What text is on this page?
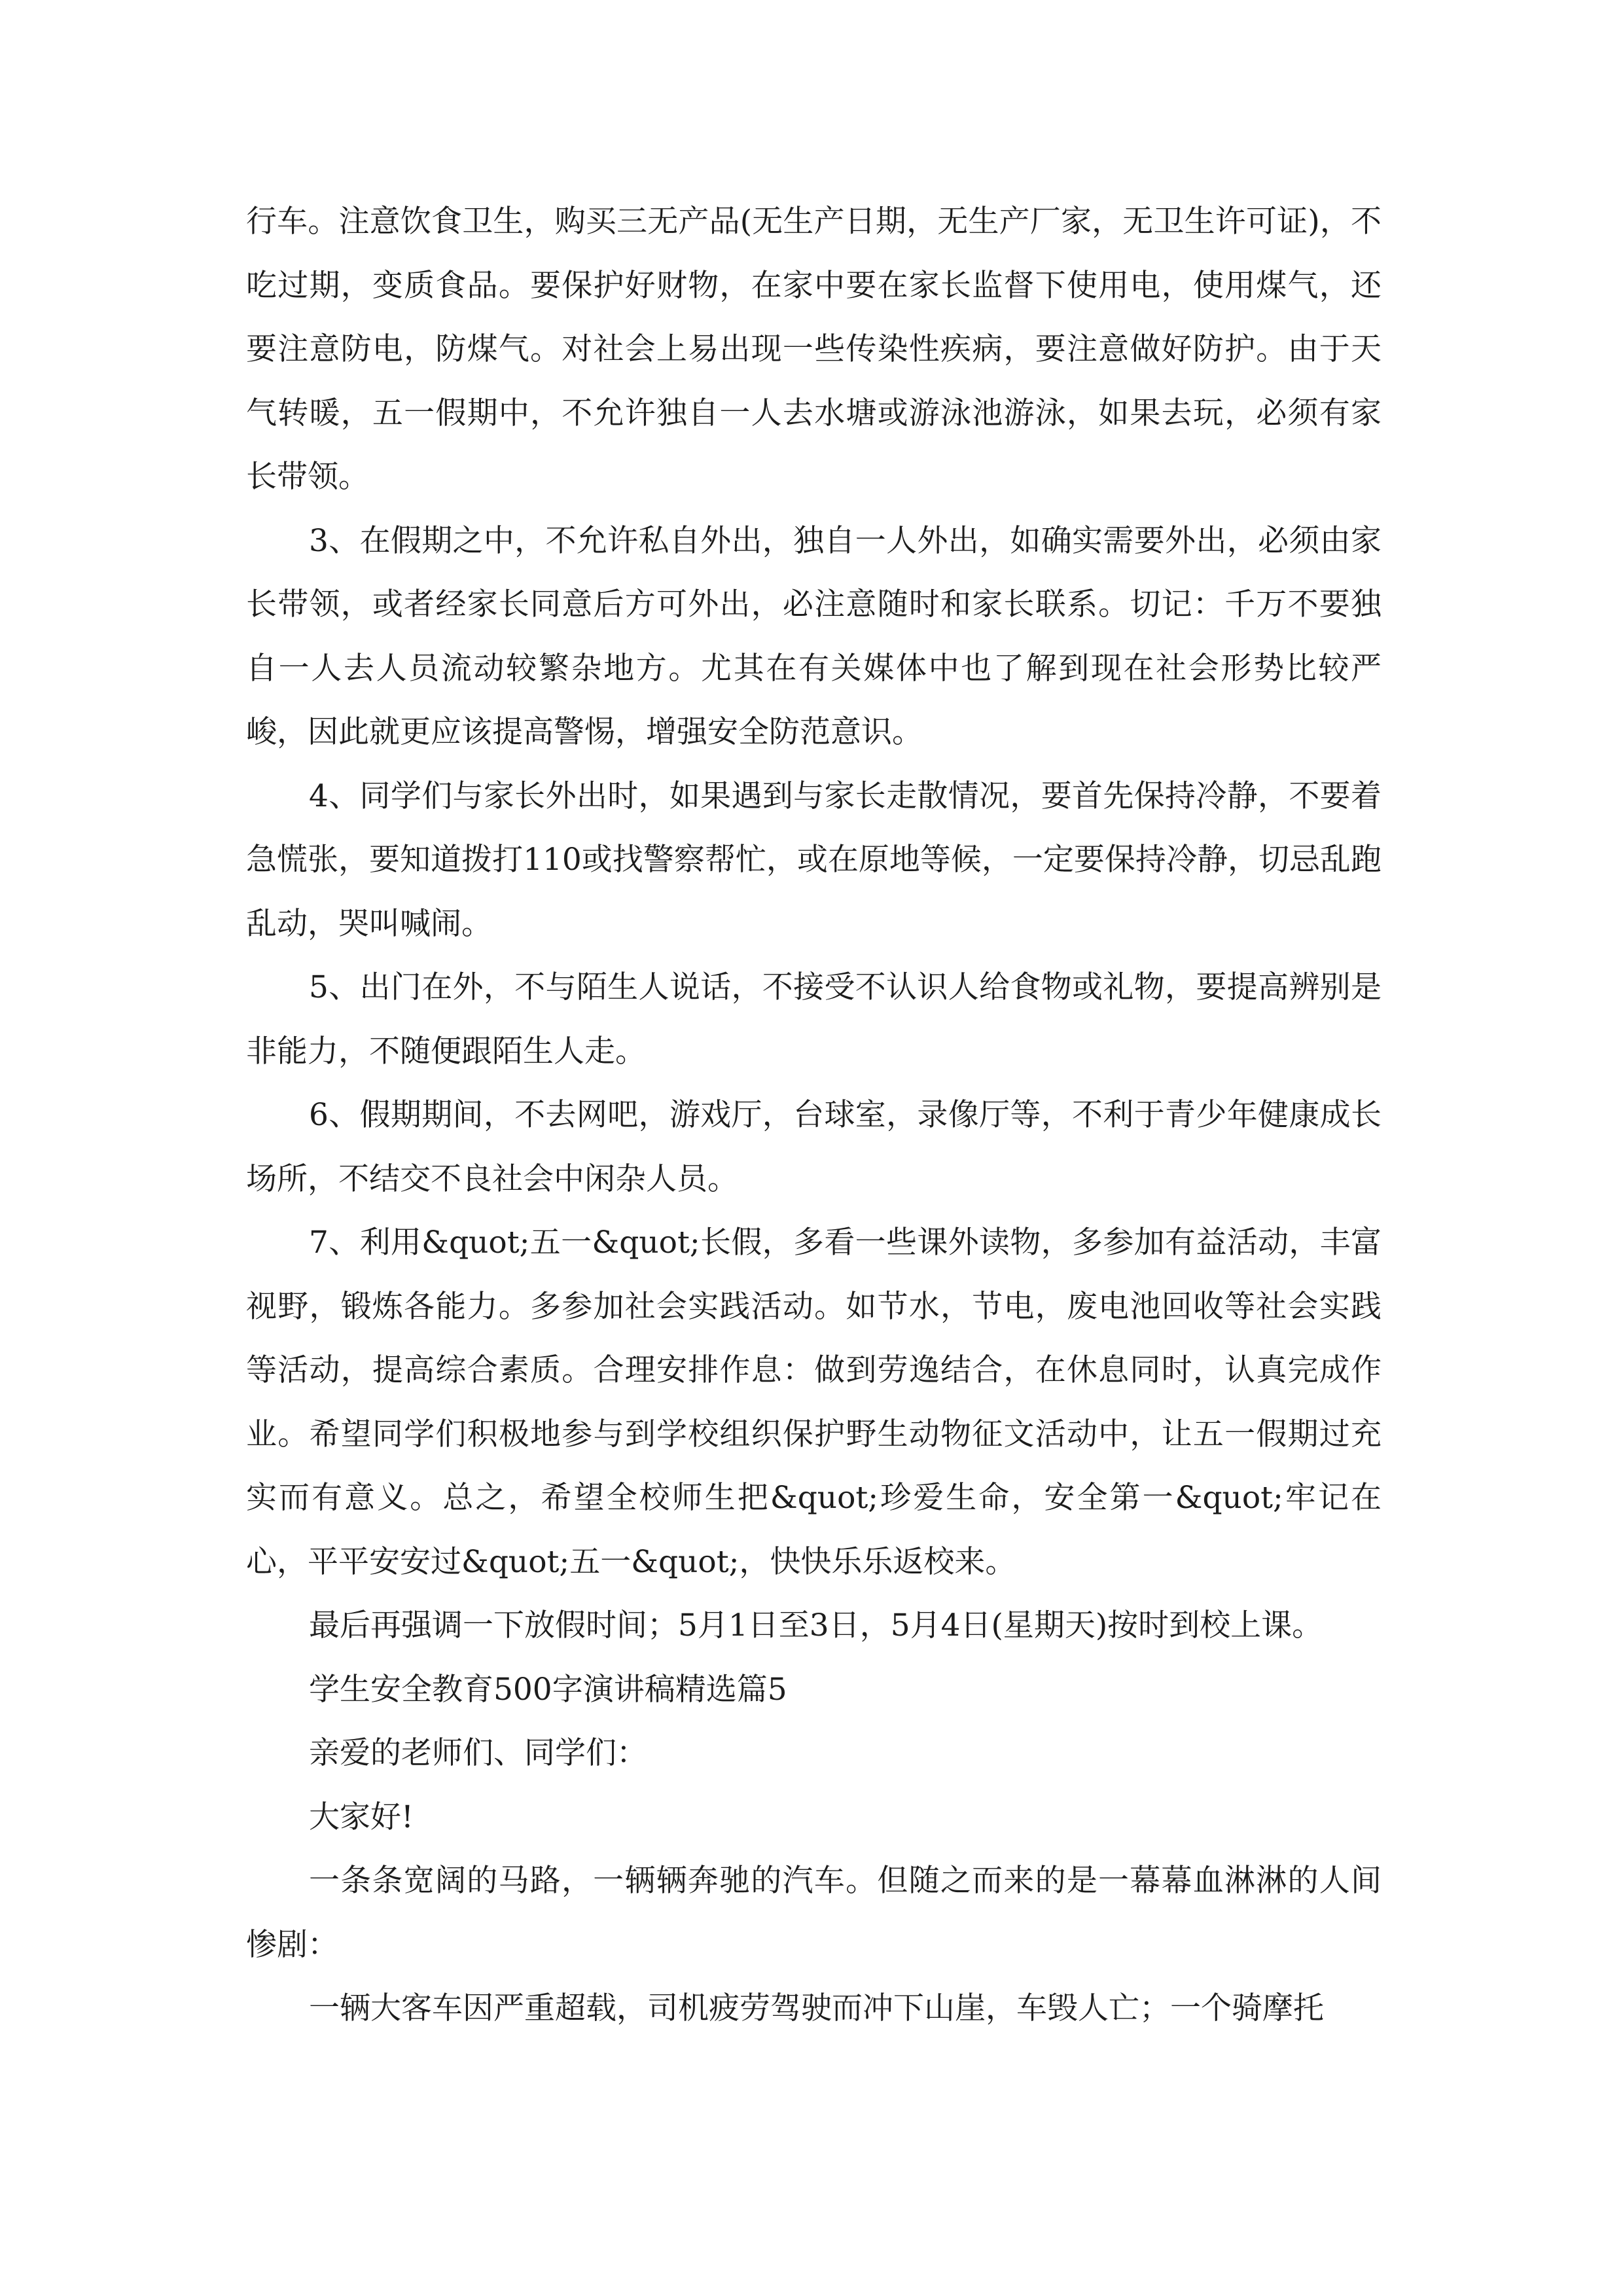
行车。注意饮食卫生，购买三无产品(无生产日期，无生产厂家，无卫生许可证)，不吃过期，变质食品。要保护好财物，在家中要在家长监督下使用电，使用煤气，还要注意防电，防煤气。对社会上易出现一些传染性疾病，要注意做好防护。由于天气转暖，五一假期中，不允许独自一人去水塘或游泳池游泳，如果去玩，必须有家长带领。

3、在假期之中，不允许私自外出，独自一人外出，如确实需要外出，必须由家长带领，或者经家长同意后方可外出，必注意随时和家长联系。切记：千万不要独自一人去人员流动较繁杂地方。尤其在有关媒体中也了解到现在社会形势比较严峻，因此就更应该提高警惕，增强安全防范意识。

4、同学们与家长外出时，如果遇到与家长走散情况，要首先保持冷静，不要着急慌张，要知道拨打110或找警察帮忙，或在原地等候，一定要保持冷静，切忌乱跑乱动，哭叫喊闹。

5、出门在外，不与陌生人说话，不接受不认识人给食物或礼物，要提高辨别是非能力，不随便跟陌生人走。

6、假期期间，不去网吧，游戏厅，台球室，录像厅等，不利于青少年健康成长场所，不结交不良社会中闲杂人员。

7、利用&quot;五一&quot;长假，多看一些课外读物，多参加有益活动，丰富视野，锻炼各能力。多参加社会实践活动。如节水，节电，废电池回收等社会实践等活动，提高综合素质。合理安排作息：做到劳逸结合，在休息同时，认真完成作业。希望同学们积极地参与到学校组织保护野生动物征文活动中，让五一假期过充实而有意义。总之，希望全校师生把&quot;珍爱生命，安全第一&quot;牢记在心，平平安安过&quot;五一&quot;，快快乐乐返校来。

最后再强调一下放假时间；5月1日至3日，5月4日(星期天)按时到校上课。

学生安全教育500字演讲稿精选篇5

亲爱的老师们、同学们：

大家好!

一条条宽阔的马路，一辆辆奔驰的汽车。但随之而来的是一幕幕血淋淋的人间惨剧：

一辆大客车因严重超载，司机疲劳驾驶而冲下山崖，车毁人亡；一个骑摩托
